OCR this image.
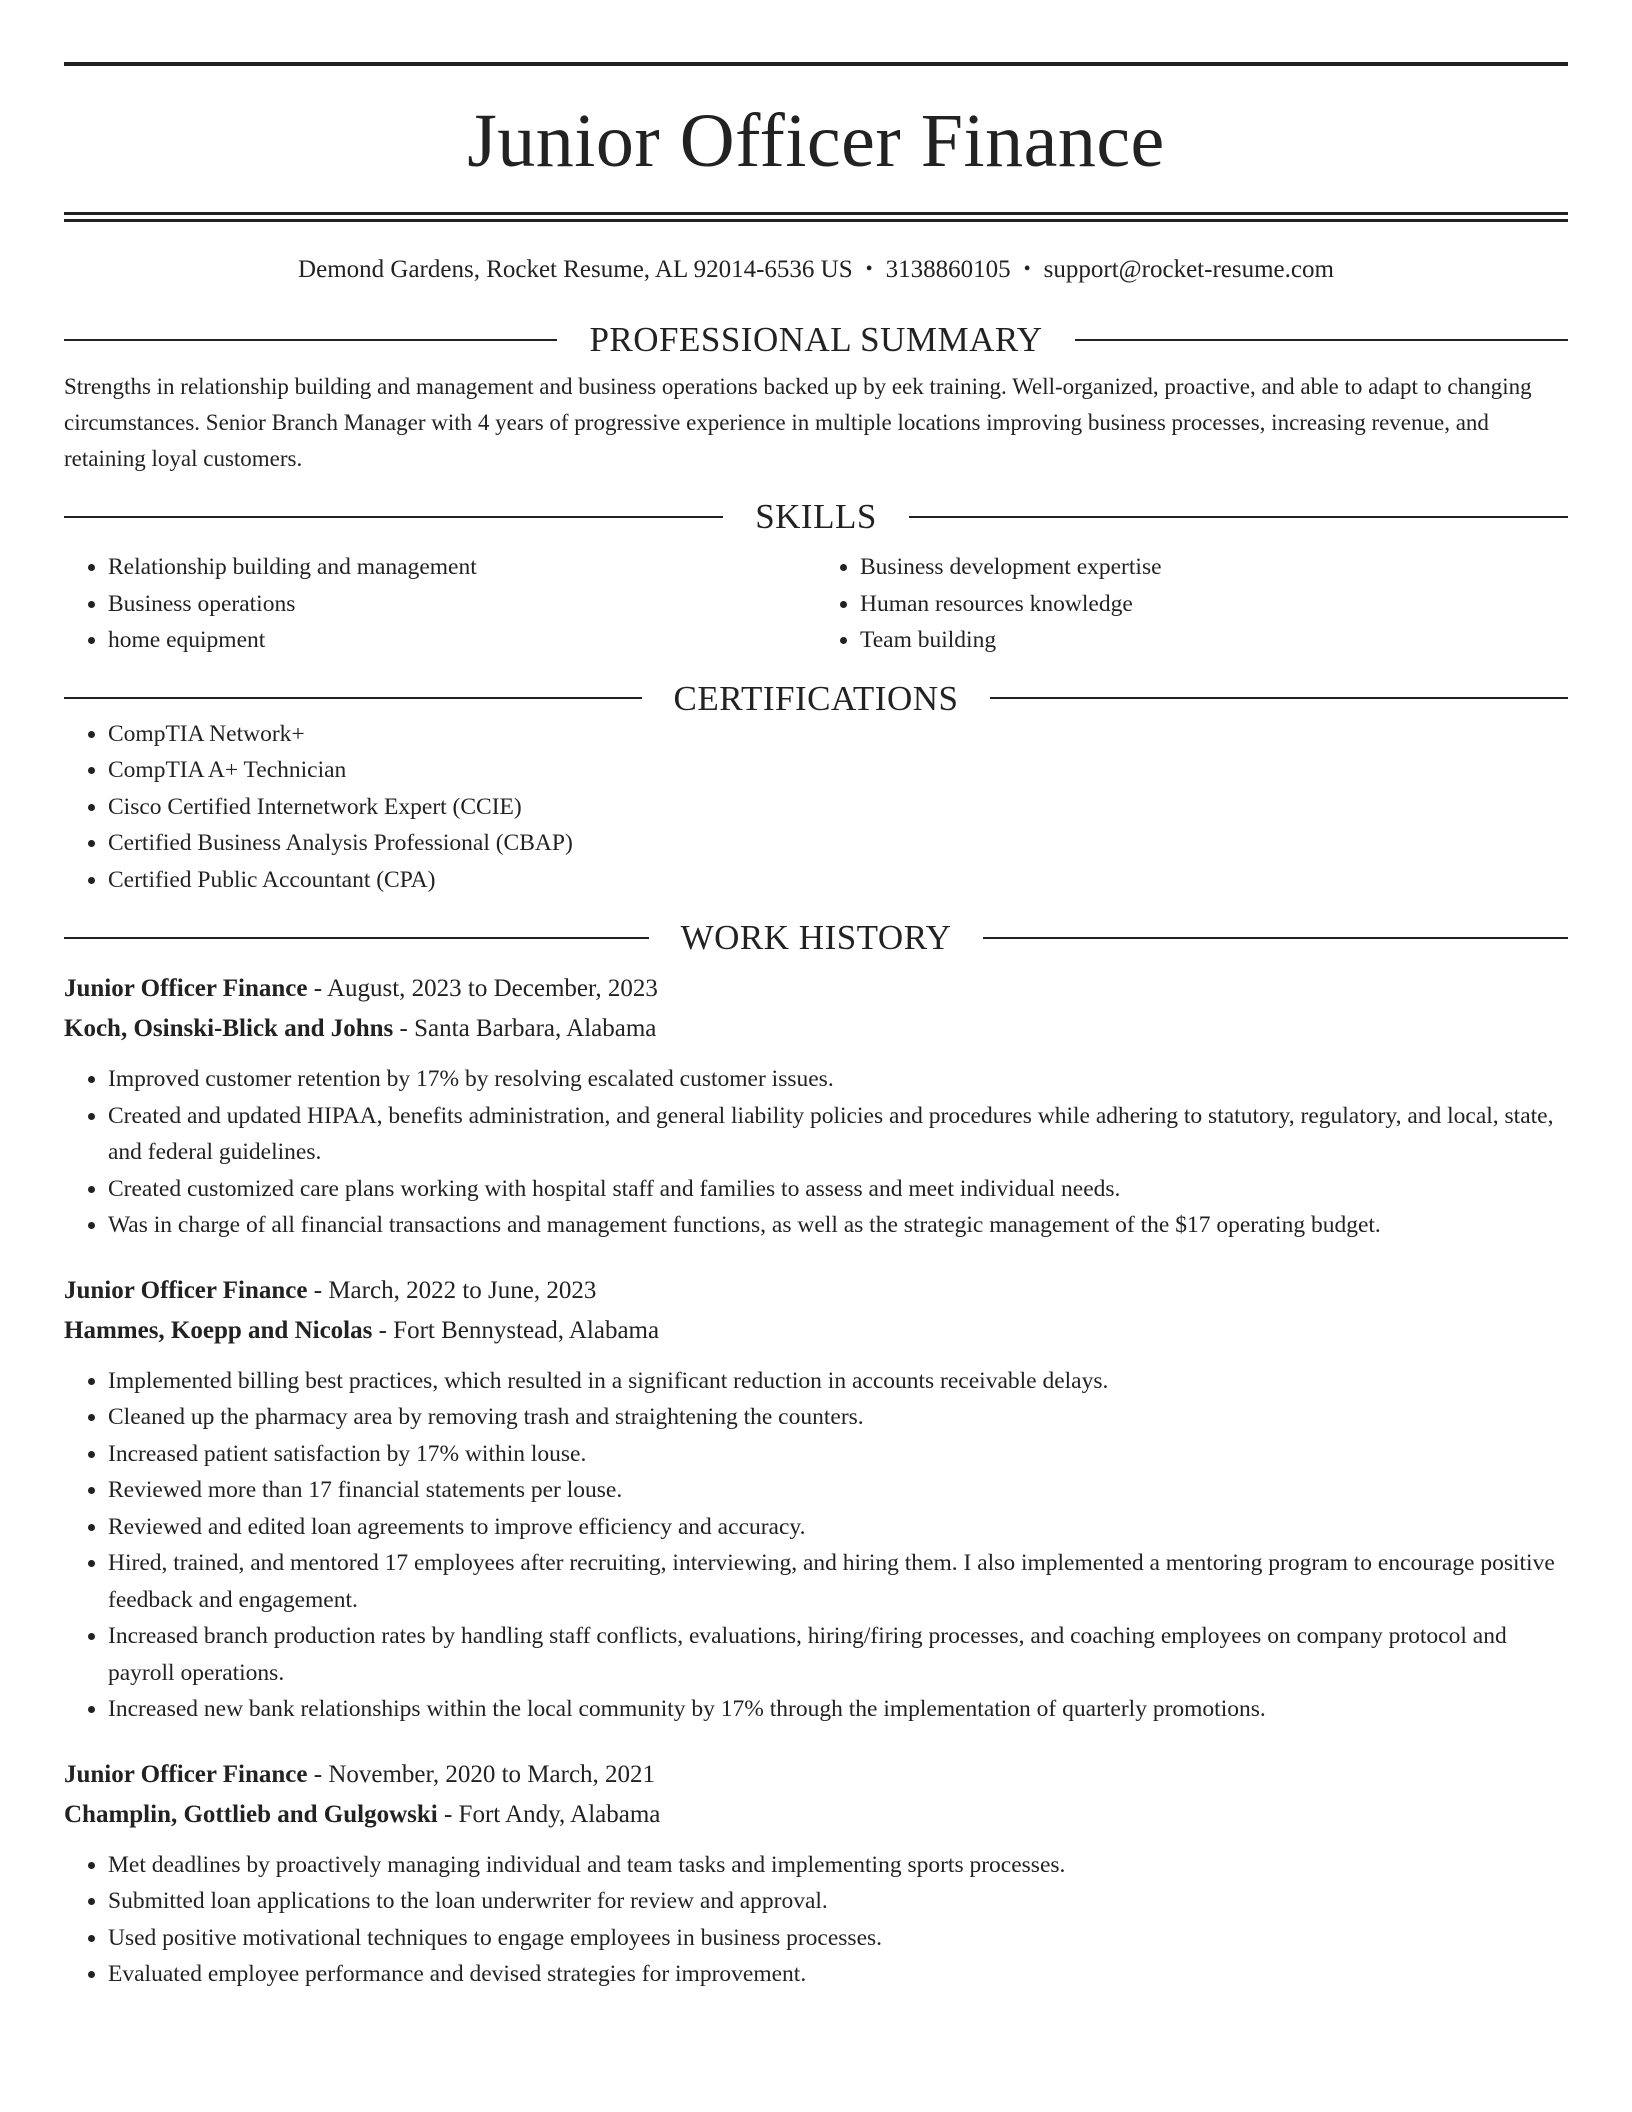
Junior Officer Finance
Demond Gardens, Rocket Resume, AL 92014-6536 US • 3138860105 • support@rocket-resume.com
PROFESSIONAL SUMMARY
Strengths in relationship building and management and business operations backed up by eek training. Well-organized, proactive, and able to adapt to changing circumstances. Senior Branch Manager with 4 years of progressive experience in multiple locations improving business processes, increasing revenue, and retaining loyal customers.
SKILLS
• Relationship building and management
• Business operations
• home equipment
• Business development expertise
• Human resources knowledge
• Team building
CERTIFICATIONS
• CompTIA Network+
• CompTIA A+ Technician
• Cisco Certified Internetwork Expert (CCIE)
• Certified Business Analysis Professional (CBAP)
• Certified Public Accountant (CPA)
WORK HISTORY
Junior Officer Finance - August, 2023 to December, 2023
Koch, Osinski-Blick and Johns - Santa Barbara, Alabama
• Improved customer retention by 17% by resolving escalated customer issues.
• Created and updated HIPAA, benefits administration, and general liability policies and procedures while adhering to statutory, regulatory, and local, state, and federal guidelines.
• Created customized care plans working with hospital staff and families to assess and meet individual needs.
• Was in charge of all financial transactions and management functions, as well as the strategic management of the $17 operating budget.
Junior Officer Finance - March, 2022 to June, 2023
Hammes, Koepp and Nicolas - Fort Bennystead, Alabama
• Implemented billing best practices, which resulted in a significant reduction in accounts receivable delays.
• Cleaned up the pharmacy area by removing trash and straightening the counters.
• Increased patient satisfaction by 17% within louse.
• Reviewed more than 17 financial statements per louse.
• Reviewed and edited loan agreements to improve efficiency and accuracy.
• Hired, trained, and mentored 17 employees after recruiting, interviewing, and hiring them. I also implemented a mentoring program to encourage positive feedback and engagement.
• Increased branch production rates by handling staff conflicts, evaluations, hiring/firing processes, and coaching employees on company protocol and payroll operations.
• Increased new bank relationships within the local community by 17% through the implementation of quarterly promotions.
Junior Officer Finance - November, 2020 to March, 2021
Champlin, Gottlieb and Gulgowski - Fort Andy, Alabama
• Met deadlines by proactively managing individual and team tasks and implementing sports processes.
• Submitted loan applications to the loan underwriter for review and approval.
• Used positive motivational techniques to engage employees in business processes.
• Evaluated employee performance and devised strategies for improvement.
